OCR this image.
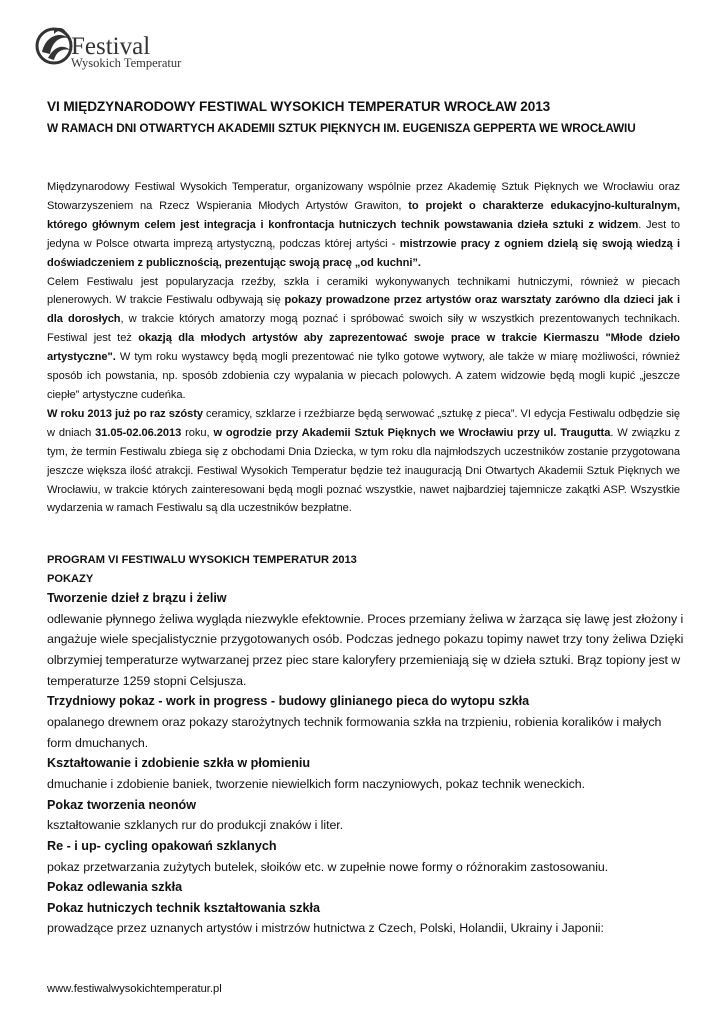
Festival
Wysokich Temperatur
VI MIĘDZYNARODOWY FESTIWAL WYSOKICH TEMPERATUR WROCŁAW 2013
W RAMACH DNI OTWARTYCH AKADEMII SZTUK PIĘKNYCH IM. EUGENISZA GEPPERTA WE WROCŁAWIU

Międzynarodowy Festiwal Wysokich Temperatur, organizowany wspólnie przez Akademię Sztuk Pięknych we Wrocławiu oraz Stowarzyszeniem na Rzecz Wspierania Młodych Artystów Grawiton, to projekt o charakterze edukacyjno-kulturalnym, którego głównym celem jest integracja i konfrontacja hutniczych technik powstawania dzieła sztuki z widzem. Jest to jedyna w Polsce otwarta imprezą artystyczną, podczas której artyści - mistrzowie pracy z ogniem dzielą się swoją wiedzą i doświadczeniem z publicznością, prezentując swoją pracę „od kuchni”.

Celem Festiwalu jest popularyzacja rzeźby, szkła i ceramiki wykonywanych technikami hutniczymi, również w piecach plenerowych. W trakcie Festiwalu odbywają się pokazy prowadzone przez artystów oraz warsztaty zarówno dla dzieci jak i dla dorosłych, w trakcie których amatorzy mogą poznać i spróbować swoich siły w wszystkich prezentowanych technikach. Festiwal jest też okazją dla młodych artystów aby zaprezentować swoje prace w trakcie Kiermaszu "Młode dzieło artystyczne". W tym roku wystawcy będą mogli prezentować nie tylko gotowe wytwory, ale także w miarę możliwości, również sposób ich powstania, np. sposób zdobienia czy wypalania w piecach polowych. A zatem widzowie będą mogli kupić „jeszcze ciepłe” artystyczne cudeńka.

W roku 2013 już po raz szósty ceramicy, szklarze i rzeźbiarze będą serwować „sztukę z pieca”. VI edycja Festiwalu odbędzie się w dniach 31.05-02.06.2013 roku, w ogrodzie przy Akademii Sztuk Pięknych we Wrocławiu przy ul. Traugutta. W związku z tym, że termin Festiwalu zbiega się z obchodami Dnia Dziecka, w tym roku dla najmłodszych uczestników zostanie przygotowana jeszcze większa ilość atrakcji. Festiwal Wysokich Temperatur będzie też inauguracją Dni Otwartych Akademii Sztuk Pięknych we Wrocławiu, w trakcie których zainteresowani będą mogli poznać wszystkie, nawet najbardziej tajemnicze zakątki ASP. Wszystkie wydarzenia w ramach Festiwalu są dla uczestników bezpłatne.

PROGRAM VI FESTIWALU WYSOKICH TEMPERATUR 2013

POKAZY

Tworzenie dzieł z brązu i żeliw

odlewanie płynnego żeliwa wygląda niezwykle efektownie. Proces przemiany żeliwa w żarząca się lawę jest złożony i angażuje wiele specjalistycznie przygotowanych osób. Podczas jednego pokazu topimy nawet trzy tony żeliwa Dzięki olbrzymiej temperaturze wytwarzanej przez piec stare kaloryfery przemieniają się w dzieła sztuki. Brąz topiony jest w temperaturze 1259 stopni Celsjusza.

Trzydniowy pokaz - work in progress - budowy glinianego pieca do wytopu szkła

opalanego drewnem oraz pokazy starożytnych technik formowania szkła na trzpieniu, robienia koralików i małych form dmuchanych.

Kształtowanie i zdobienie szkła w płomieniu

dmuchanie i zdobienie baniek, tworzenie niewielkich form naczyniowych, pokaz technik weneckich.

Pokaz tworzenia neonów

kształtowanie szklanych rur do produkcji znaków i liter.

Re - i up- cycling opakowań szklanych

pokaz przetwarzania zużytych butelek, słoików etc. w zupełnie nowe formy o różnorakim zastosowaniu.

Pokaz odlewania szkła

Pokaz hutniczych technik kształtowania szkła

prowadzące przez uznanych artystów i mistrzów hutnictwa z Czech, Polski, Holandii, Ukrainy i Japonii:

www.festiwalwysokichtemperatur.pl
